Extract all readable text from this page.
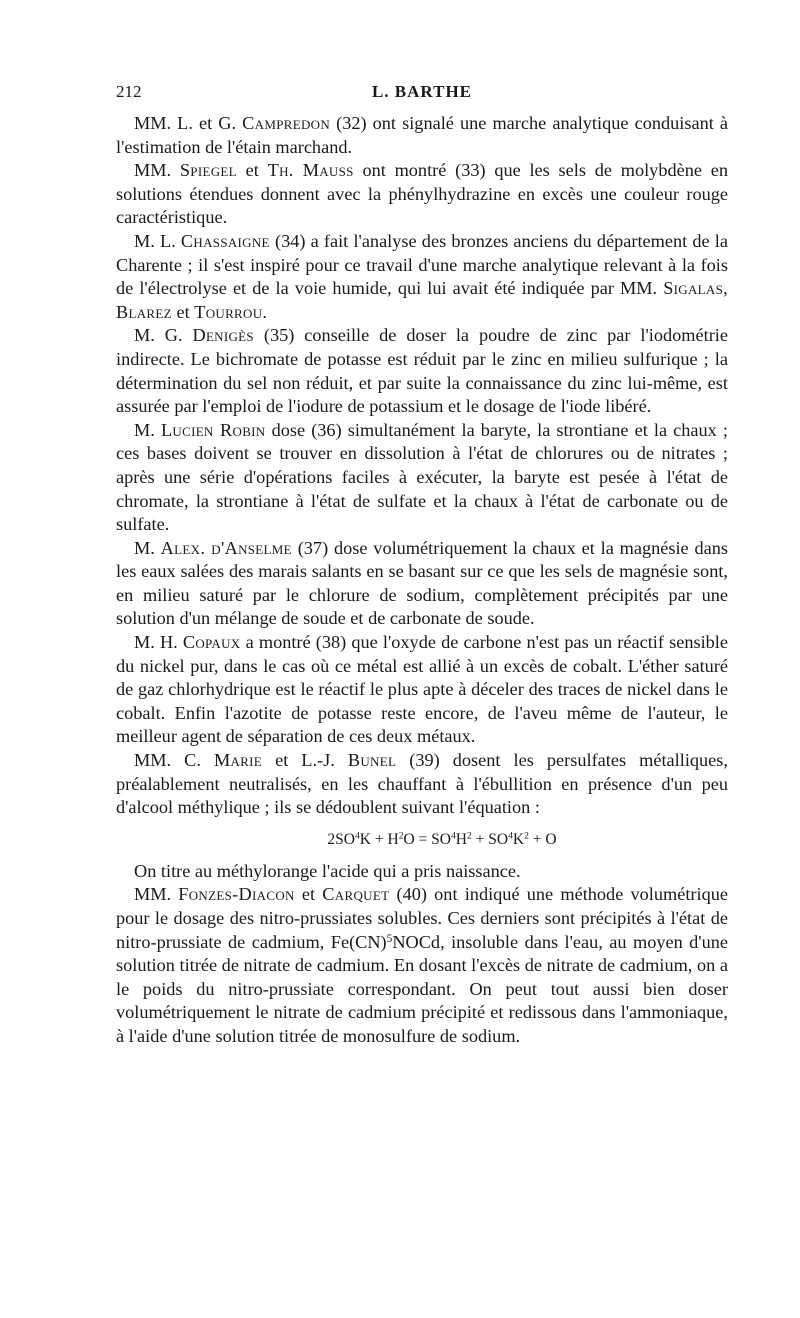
212	L. BARTHE

MM. L. et G. Campredon (32) ont signalé une marche analytique conduisant à l'estimation de l'étain marchand.

MM. Spiegel et Th. Mauss ont montré (33) que les sels de molybdène en solutions étendues donnent avec la phénylhydrazine en excès une couleur rouge caractéristique.

M. L. Chassaigne (34) a fait l'analyse des bronzes anciens du département de la Charente ; il s'est inspiré pour ce travail d'une marche analytique relevant à la fois de l'électrolyse et de la voie humide, qui lui avait été indiquée par MM. Sigalas, Blarez et Tourrou.

M. G. Denigès (35) conseille de doser la poudre de zinc par l'iodométrie indirecte. Le bichromate de potasse est réduit par le zinc en milieu sulfurique ; la détermination du sel non réduit, et par suite la connaissance du zinc lui-même, est assurée par l'emploi de l'iodure de potassium et le dosage de l'iode libéré.

M. Lucien Robin dose (36) simultanément la baryte, la strontiane et la chaux ; ces bases doivent se trouver en dissolution à l'état de chlorures ou de nitrates ; après une série d'opérations faciles à exécuter, la baryte est pesée à l'état de chromate, la strontiane à l'état de sulfate et la chaux à l'état de carbonate ou de sulfate.

M. Alex. d'Anselme (37) dose volumétriquement la chaux et la magnésie dans les eaux salées des marais salants en se basant sur ce que les sels de magnésie sont, en milieu saturé par le chlorure de sodium, complètement précipités par une solution d'un mélange de soude et de carbonate de soude.

M. H. Copaux a montré (38) que l'oxyde de carbone n'est pas un réactif sensible du nickel pur, dans le cas où ce métal est allié à un excès de cobalt. L'éther saturé de gaz chlorhydrique est le réactif le plus apte à déceler des traces de nickel dans le cobalt. Enfin l'azotite de potasse reste encore, de l'aveu même de l'auteur, le meilleur agent de séparation de ces deux métaux.

MM. C. Marie et L.-J. Bunel (39) dosent les persulfates métalliques, préalablement neutralisés, en les chauffant à l'ébullition en présence d'un peu d'alcool méthylique ; ils se dédoublent suivant l'équation :

$2SO^4K + H^2O = SO^4H^2 + SO^4K^2 + O$

On titre au méthylorange l'acide qui a pris naissance.

MM. Fonzes-Diacon et Carquet (40) ont indiqué une méthode volumétrique pour le dosage des nitro-prussiates solubles. Ces derniers sont précipités à l'état de nitro-prussiate de cadmium, Fe(CN)$^5$NOCd, insoluble dans l'eau, au moyen d'une solution titrée de nitrate de cadmium. En dosant l'excès de nitrate de cadmium, on a le poids du nitro-prussiate correspondant. On peut tout aussi bien doser volumétriquement le nitrate de cadmium précipité et redissous dans l'ammoniaque, à l'aide d'une solution titrée de monosulfure de sodium.
